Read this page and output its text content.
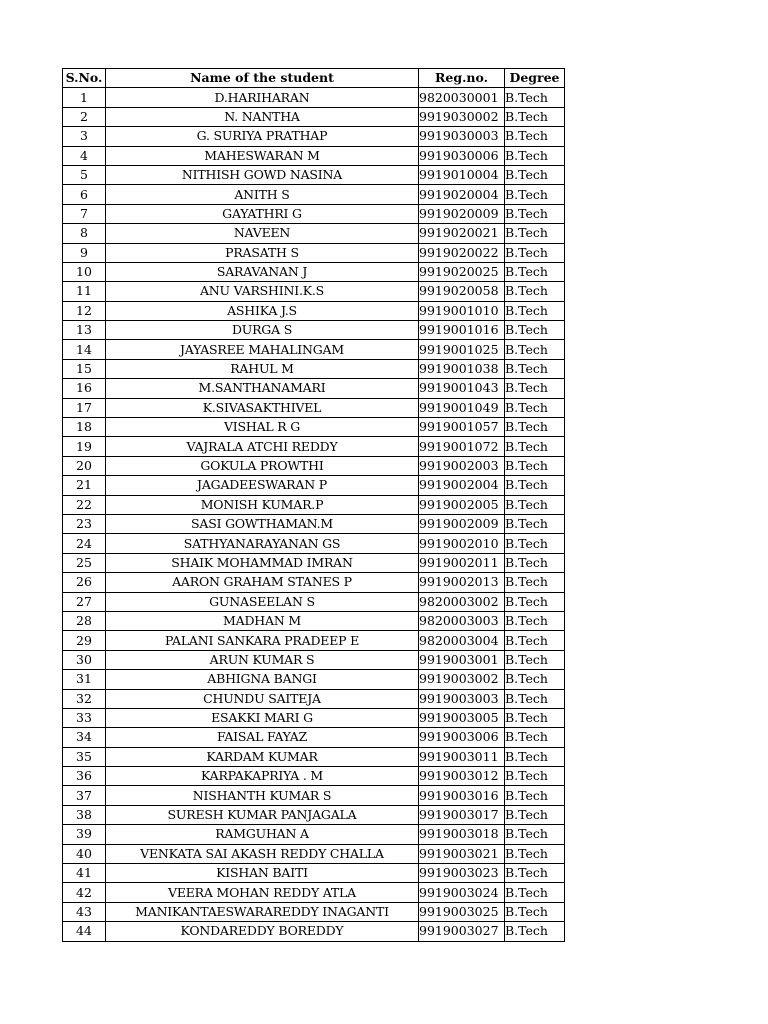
S.No.	Name of the student	Reg.no.	Degree
1	D.HARIHARAN	9820030001	B.Tech
2	N. NANTHA	9919030002	B.Tech
3	G. SURIYA PRATHAP	9919030003	B.Tech
4	MAHESWARAN M	9919030006	B.Tech
5	NITHISH GOWD NASINA	9919010004	B.Tech
6	ANITH S	9919020004	B.Tech
7	GAYATHRI G	9919020009	B.Tech
8	NAVEEN	9919020021	B.Tech
9	PRASATH S	9919020022	B.Tech
10	SARAVANAN J	9919020025	B.Tech
11	ANU VARSHINI.K.S	9919020058	B.Tech
12	ASHIKA J.S	9919001010	B.Tech
13	DURGA S	9919001016	B.Tech
14	JAYASREE MAHALINGAM	9919001025	B.Tech
15	RAHUL M	9919001038	B.Tech
16	M.SANTHANAMARI	9919001043	B.Tech
17	K.SIVASAKTHIVEL	9919001049	B.Tech
18	VISHAL R G	9919001057	B.Tech
19	VAJRALA ATCHI REDDY	9919001072	B.Tech
20	GOKULA PROWTHI	9919002003	B.Tech
21	JAGADEESWARAN P	9919002004	B.Tech
22	MONISH KUMAR.P	9919002005	B.Tech
23	SASI GOWTHAMAN.M	9919002009	B.Tech
24	SATHYANARAYANAN GS	9919002010	B.Tech
25	SHAIK MOHAMMAD IMRAN	9919002011	B.Tech
26	AARON GRAHAM STANES P	9919002013	B.Tech
27	GUNASEELAN S	9820003002	B.Tech
28	MADHAN M	9820003003	B.Tech
29	PALANI SANKARA PRADEEP E	9820003004	B.Tech
30	ARUN KUMAR S	9919003001	B.Tech
31	ABHIGNA BANGI	9919003002	B.Tech
32	CHUNDU SAITEJA	9919003003	B.Tech
33	ESAKKI MARI G	9919003005	B.Tech
34	FAISAL FAYAZ	9919003006	B.Tech
35	KARDAM KUMAR	9919003011	B.Tech
36	KARPAKAPRIYA . M	9919003012	B.Tech
37	NISHANTH KUMAR S	9919003016	B.Tech
38	SURESH KUMAR PANJAGALA	9919003017	B.Tech
39	RAMGUHAN A	9919003018	B.Tech
40	VENKATA SAI AKASH REDDY CHALLA	9919003021	B.Tech
41	KISHAN BAITI	9919003023	B.Tech
42	VEERA MOHAN REDDY ATLA	9919003024	B.Tech
43	MANIKANTAESWARAREDDY INAGANTI	9919003025	B.Tech
44	KONDAREDDY BOREDDY	9919003027	B.Tech
